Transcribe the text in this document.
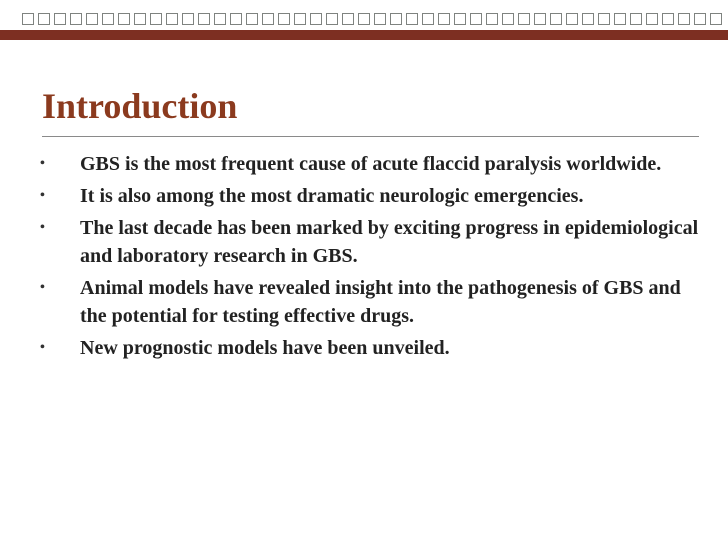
Introduction
•	GBS is the most frequent cause of acute flaccid paralysis worldwide.
•	It is also among the most dramatic neurologic emergencies.
•	The last decade has been marked by exciting progress in epidemiological and laboratory research in GBS.
•	Animal models have revealed insight into the pathogenesis of GBS and the potential for testing effective drugs.
•	New prognostic models have been unveiled.
